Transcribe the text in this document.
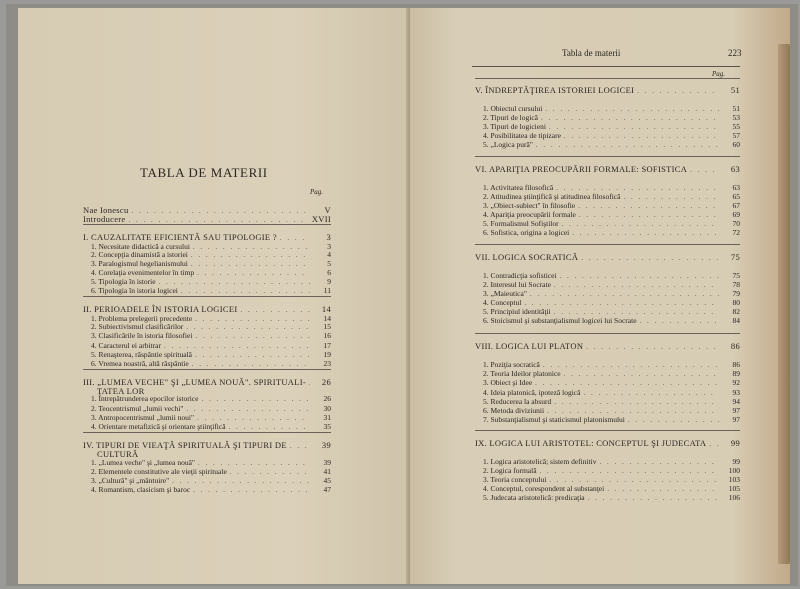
TABLA DE MATERII
Pag.
Nae Ionescu . . .	V
Introducere . . .	XVII
I. CAUZALITATE EFICIENTĂ SAU TIPOLOGIE ? . . .	3
1. Necesitate didactică a cursului . . .	3
2. Concepţia dinamistă a istoriei . . .	4
3. Paralogismul hegelianismului . . .	5
4. Corelaţia evenimentelor în timp . . .	6
5. Tipologia în istorie . . .	9
6. Tipologia în istoria logicei . . .	11
II. PERIOADELE ÎN ISTORIA LOGICEI . . .	14
1. Problema prelegerii precedente . . .	14
2. Subiectivismul clasificărilor . . .	15
3. Clasificările în istoria filosofiei . . .	16
4. Caracterul ei arbitrar . . .	17
5. Renaşterea, răspântie spirituală . . .	19
6. Vremea noastră, altă răspântie . . .	23
III. „LUMEA VECHE" ŞI „LUMEA NOUĂ". SPIRITUALI- . . .	26
TATEA LOR
1. Întrepătrunderea epocilor istorice . . .	26
2. Teocentrismul „lumii vechi" . . .	30
3. Antropocentrismul „lumii noui" . . .	31
4. Orientare metafizică şi orientare ştiinţifică . . .	35
IV. TIPURI DE VIEAŢĂ SPIRITUALĂ ŞI TIPURI DE . . .	39
CULTURĂ
1. „Lumea veche" şi „lumea nouă" . . .	39
2. Elementele constitutive ale vieţii spirituale . . .	41
3. „Cultură" şi „mântuire" . . .	45
4. Romantism, clasicism şi baroc . . .	47
Tabla de materii	223
Pag.
V. ÎNDREPTĂŢIREA ISTORIEI LOGICEI . . .	51
1. Obiectul cursului . . .	51
2. Tipuri de logică . . .	53
3. Tipuri de logicieni . . .	55
4. Posibilitatea de tipizare . . .	57
5. „Logica pură" . . .	60
VI. APARIŢIA PREOCUPĂRII FORMALE: SOFISTICA . . .	63
1. Activitatea filosofică . . .	63
2. Atitudinea ştiinţifică şi atitudinea filosofică . . .	65
3. „Obiect-subiect" în filosofie . . .	67
4. Apariţia preocupării formale . . .	69
5. Formalismul Sofiştilor . . .	70
6. Sofistica, origina a logicei . . .	72
VII. LOGICA SOCRATICĂ . . .	75
1. Contradicţia sofisticei . . .	75
2. Interesul lui Socrate . . .	78
3. „Maieutica" . . .	79
4. Conceptul . . .	80
5. Principiul identităţii . . .	82
6. Stoicismul şi substanţialismul logicei lui Socrate . . .	84
VIII. LOGICA LUI PLATON . . .	86
1. Poziţia socratică . . .	86
2. Teoria Ideilor platonice . . .	89
3. Obiect şi Idee . . .	92
4. Ideia platonică, ipoteză logică . . .	93
5. Reducerea la absurd . . .	94
6. Metoda diviziunii . . .	97
7. Substanţialismul şi staticismul platonismului . . .	97
IX. LOGICA LUI ARISTOTEL: CONCEPTUL ŞI JUDECATA . . .	99
1. Logica aristotelică; sistem definitiv . . .	99
2. Logica formală . . .	100
3. Teoria conceptului . . .	103
4. Conceptul, corespondent al substanţei . . .	105
5. Judecata aristotelică: predicaţia . . .	106
